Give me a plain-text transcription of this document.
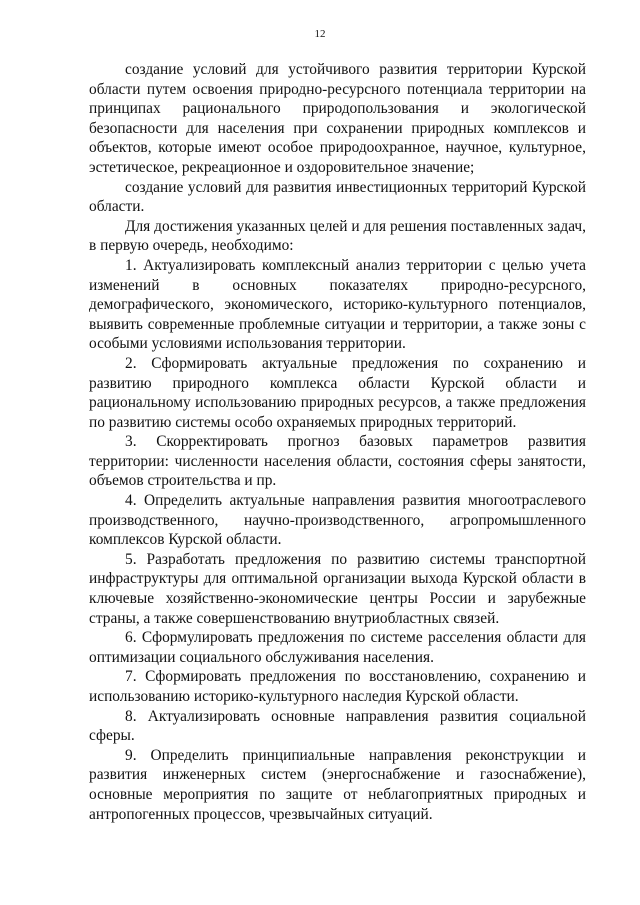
12

создание условий для устойчивого развития территории Курской области путем освоения природно-ресурсного потенциала территории на принципах рационального природопользования и экологической безопасности для населения при сохранении природных комплексов и объектов, которые имеют особое природоохранное, научное, культурное, эстетическое, рекреационное и оздоровительное значение;

создание условий для развития инвестиционных территорий Курской области.

Для достижения указанных целей и для решения поставленных задач, в первую очередь, необходимо:

1. Актуализировать комплексный анализ территории с целью учета изменений в основных показателях природно-ресурсного, демографического, экономического, историко-культурного потенциалов, выявить современные проблемные ситуации и территории, а также зоны с особыми условиями использования территории.

2. Сформировать актуальные предложения по сохранению и развитию природного комплекса области Курской области и рациональному использованию природных ресурсов, а также предложения по развитию системы особо охраняемых природных территорий.

3. Скорректировать прогноз базовых параметров развития территории: численности населения области, состояния сферы занятости, объемов строительства и пр.

4. Определить актуальные направления развития многоотраслевого производственного, научно-производственного, агропромышленного комплексов Курской области.

5. Разработать предложения по развитию системы транспортной инфраструктуры для оптимальной организации выхода Курской области в ключевые хозяйственно-экономические центры России и зарубежные страны, а также совершенствованию внутриобластных связей.

6. Сформулировать предложения по системе расселения области для оптимизации социального обслуживания населения.

7. Сформировать предложения по восстановлению, сохранению и использованию историко-культурного наследия Курской области.

8. Актуализировать основные направления развития социальной сферы.

9. Определить принципиальные направления реконструкции и развития инженерных систем (энергоснабжение и газоснабжение), основные мероприятия по защите от неблагоприятных природных и антропогенных процессов, чрезвычайных ситуаций.
